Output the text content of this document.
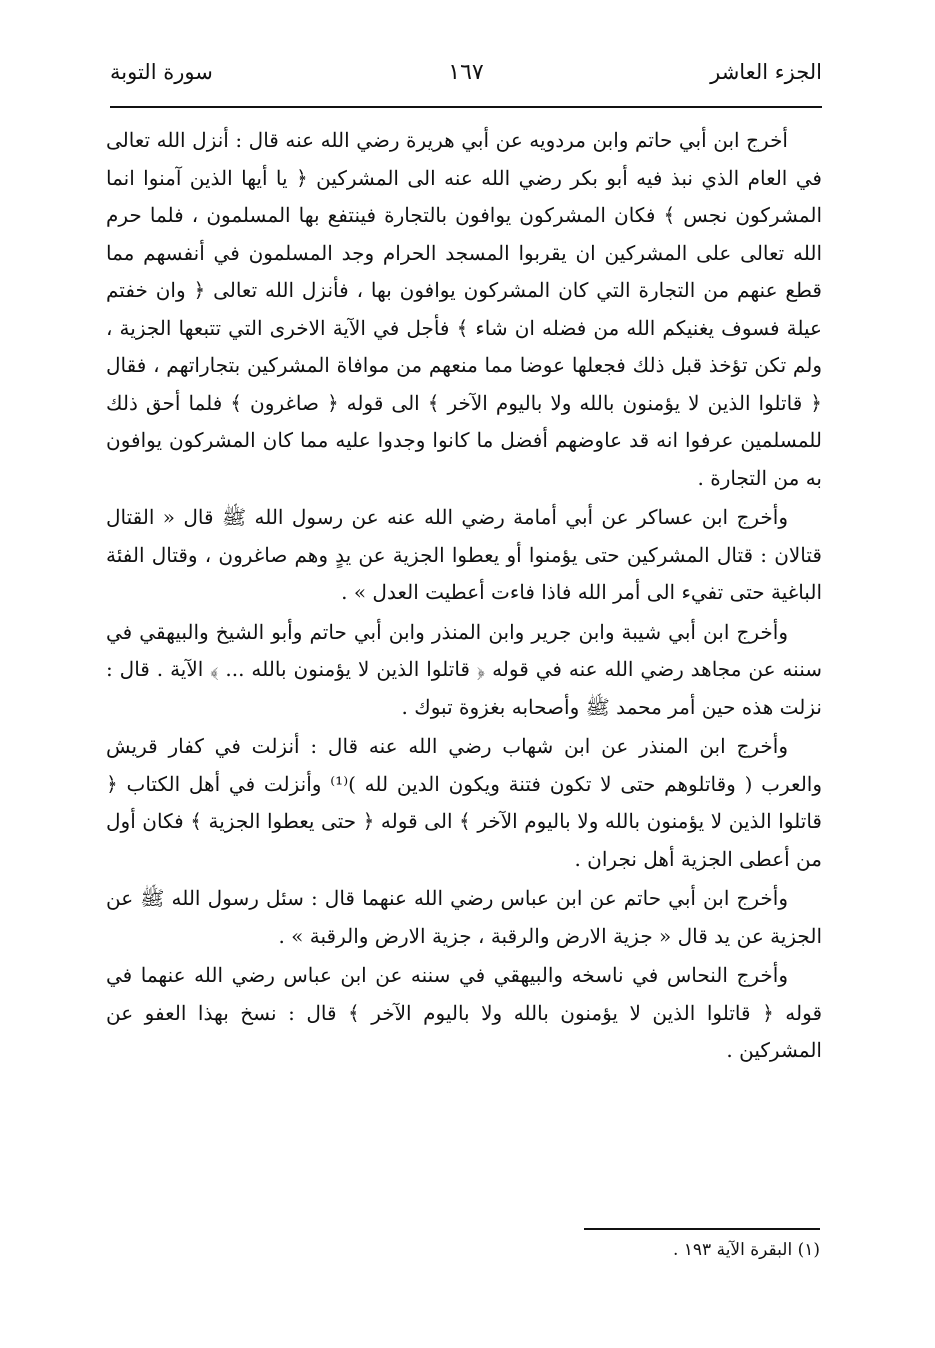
الجزء العاشر
١٦٧
سورة التوبة

أخرج ابن أبي حاتم وابن مردويه عن أبي هريرة رضي الله عنه قال : أنزل الله تعالى في العام الذي نبذ فيه أبو بكر رضي الله عنه الى المشركين ﴿ يا أيها الذين آمنوا انما المشركون نجس ﴾ فكان المشركون يوافون بالتجارة فينتفع بها المسلمون ، فلما حرم الله تعالى على المشركين ان يقربوا المسجد الحرام وجد المسلمون في أنفسهم مما قطع عنهم من التجارة التي كان المشركون يوافون بها ، فأنزل الله تعالى ﴿ وان خفتم عيلة فسوف يغنيكم الله من فضله ان شاء ﴾ فأجل في الآية الاخرى التي تتبعها الجزية ، ولم تكن تؤخذ قبل ذلك فجعلها عوضا مما منعهم من موافاة المشركين بتجاراتهم ، فقال ﴿ قاتلوا الذين لا يؤمنون بالله ولا باليوم الآخر ﴾ الى قوله ﴿ صاغرون ﴾ فلما أحق ذلك للمسلمين عرفوا انه قد عاوضهم أفضل ما كانوا وجدوا عليه مما كان المشركون يوافون به من التجارة .

وأخرج ابن عساكر عن أبي أمامة رضي الله عنه عن رسول الله ﷺ قال « القتال قتالان : قتال المشركين حتى يؤمنوا أو يعطوا الجزية عن يدٍ وهم صاغرون ، وقتال الفئة الباغية حتى تفيء الى أمر الله فاذا فاءت أعطيت العدل » .

وأخرج ابن أبي شيبة وابن جرير وابن المنذر وابن أبي حاتم وأبو الشيخ والبيهقي في سننه عن مجاهد رضي الله عنه في قوله ﴿ قاتلوا الذين لا يؤمنون بالله ... ﴾ الآية . قال : نزلت هذه حين أمر محمد ﷺ وأصحابه بغزوة تبوك .

وأخرج ابن المنذر عن ابن شهاب رضي الله عنه قال : أنزلت في كفار قريش والعرب ( وقاتلوهم حتى لا تكون فتنة ويكون الدين لله )⁽¹⁾ وأنزلت في أهل الكتاب ﴿ قاتلوا الذين لا يؤمنون بالله ولا باليوم الآخر ﴾ الى قوله ﴿ حتى يعطوا الجزية ﴾ فكان أول من أعطى الجزية أهل نجران .

وأخرج ابن أبي حاتم عن ابن عباس رضي الله عنهما قال : سئل رسول الله ﷺ عن الجزية عن يد قال « جزية الارض والرقبة ، جزية الارض والرقبة » .

وأخرج النحاس في ناسخه والبيهقي في سننه عن ابن عباس رضي الله عنهما في قوله ﴿ قاتلوا الذين لا يؤمنون بالله ولا باليوم الآخر ﴾ قال : نسخ بهذا العفو عن المشركين .

(١) البقرة الآية ١٩٣ .
